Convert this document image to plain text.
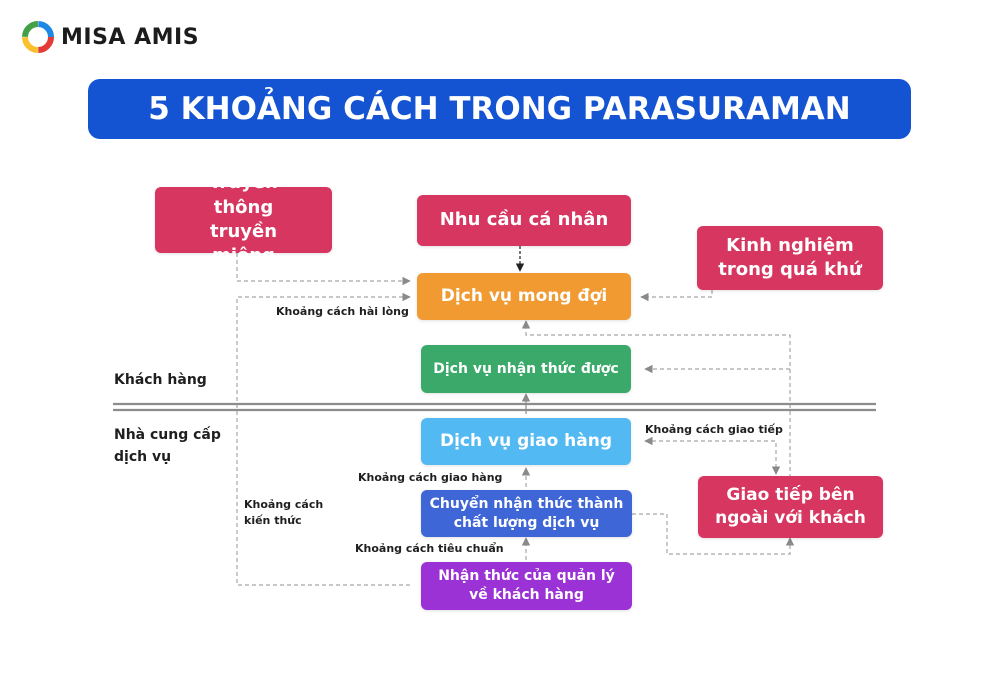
MISA AMIS
5 KHOẢNG CÁCH TRONG PARASURAMAN
Truyền thông truyền miệng
Nhu cầu cá nhân
Kinh nghiệm trong quá khứ
Dịch vụ mong đợi
Dịch vụ nhận thức được
Dịch vụ giao hàng
Chuyển nhận thức thành chất lượng dịch vụ
Giao tiếp bên ngoài với khách
Nhận thức của quản lý về khách hàng
Khoảng cách hài lòng
Khoảng cách giao tiếp
Khoảng cách giao hàng
Khoảng cách tiêu chuẩn
Khoảng cách kiến thức
Khách hàng
Nhà cung cấp dịch vụ
